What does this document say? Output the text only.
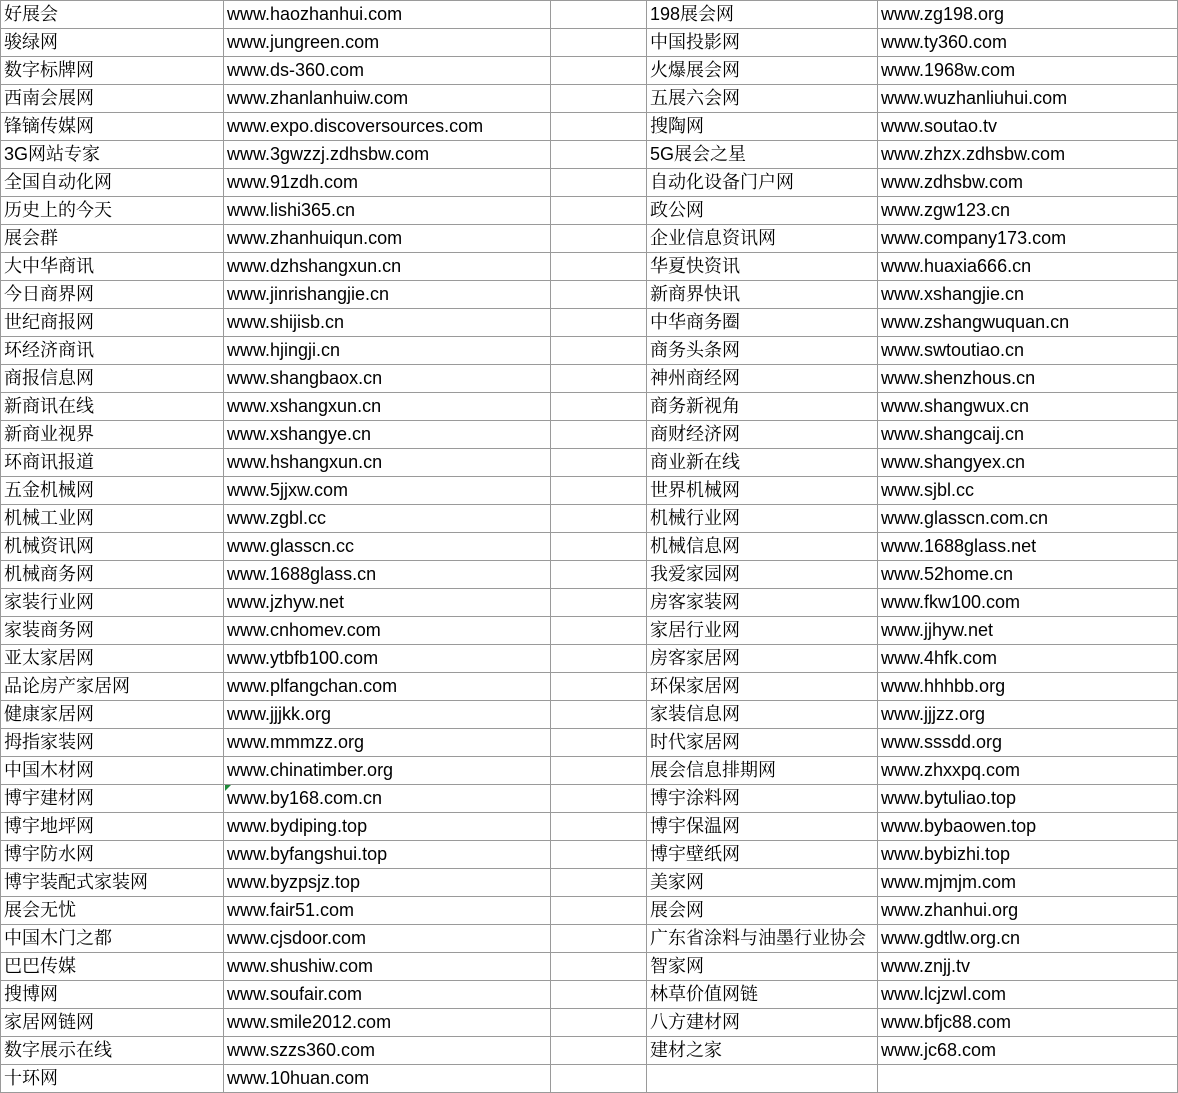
好展会	www.haozhanhui.com	198展会网	www.zg198.org
骏绿网	www.jungreen.com	中国投影网	www.ty360.com
数字标牌网	www.ds-360.com	火爆展会网	www.1968w.com
西南会展网	www.zhanlanhuiw.com	五展六会网	www.wuzhanliuhui.com
锋镝传媒网	www.expo.discoversources.com	搜陶网	www.soutao.tv
3G网站专家	www.3gwzzj.zdhsbw.com	5G展会之星	www.zhzx.zdhsbw.com
全国自动化网	www.91zdh.com	自动化设备门户网	www.zdhsbw.com
历史上的今天	www.lishi365.cn	政公网	www.zgw123.cn
展会群	www.zhanhuiqun.com	企业信息资讯网	www.company173.com
大中华商讯	www.dzhshangxun.cn	华夏快资讯	www.huaxia666.cn
今日商界网	www.jinrishangjie.cn	新商界快讯	www.xshangjie.cn
世纪商报网	www.shijisb.cn	中华商务圈	www.zshangwuquan.cn
环经济商讯	www.hjingji.cn	商务头条网	www.swtoutiao.cn
商报信息网	www.shangbaox.cn	神州商经网	www.shenzhous.cn
新商讯在线	www.xshangxun.cn	商务新视角	www.shangwux.cn
新商业视界	www.xshangye.cn	商财经济网	www.shangcaij.cn
环商讯报道	www.hshangxun.cn	商业新在线	www.shangyex.cn
五金机械网	www.5jjxw.com	世界机械网	www.sjbl.cc
机械工业网	www.zgbl.cc	机械行业网	www.glasscn.com.cn
机械资讯网	www.glasscn.cc	机械信息网	www.1688glass.net
机械商务网	www.1688glass.cn	我爱家园网	www.52home.cn
家装行业网	www.jzhyw.net	房客家装网	www.fkw100.com
家装商务网	www.cnhomev.com	家居行业网	www.jjhyw.net
亚太家居网	www.ytbfb100.com	房客家居网	www.4hfk.com
品论房产家居网	www.plfangchan.com	环保家居网	www.hhhbb.org
健康家居网	www.jjjkk.org	家装信息网	www.jjjzz.org
拇指家装网	www.mmmzz.org	时代家居网	www.sssdd.org
中国木材网	www.chinatimber.org	展会信息排期网	www.zhxxpq.com
博宇建材网	www.by168.com.cn	博宇涂料网	www.bytuliao.top
博宇地坪网	www.bydiping.top	博宇保温网	www.bybaowen.top
博宇防水网	www.byfangshui.top	博宇壁纸网	www.bybizhi.top
博宇装配式家装网	www.byzpsjz.top	美家网	www.mjmjm.com
展会无忧	www.fair51.com	展会网	www.zhanhui.org
中国木门之都	www.cjsdoor.com	广东省涂料与油墨行业协会 www.gdtlw.org.cn
巴巴传媒	www.shushiw.com	智家网	www.znjj.tv
搜博网	www.soufair.com	林草价值网链	www.lcjzwl.com
家居网链网	www.smile2012.com	八方建材网	www.bfjc88.com
数字展示在线	www.szzs360.com	建材之家	www.jc68.com
十环网	www.10huan.com
